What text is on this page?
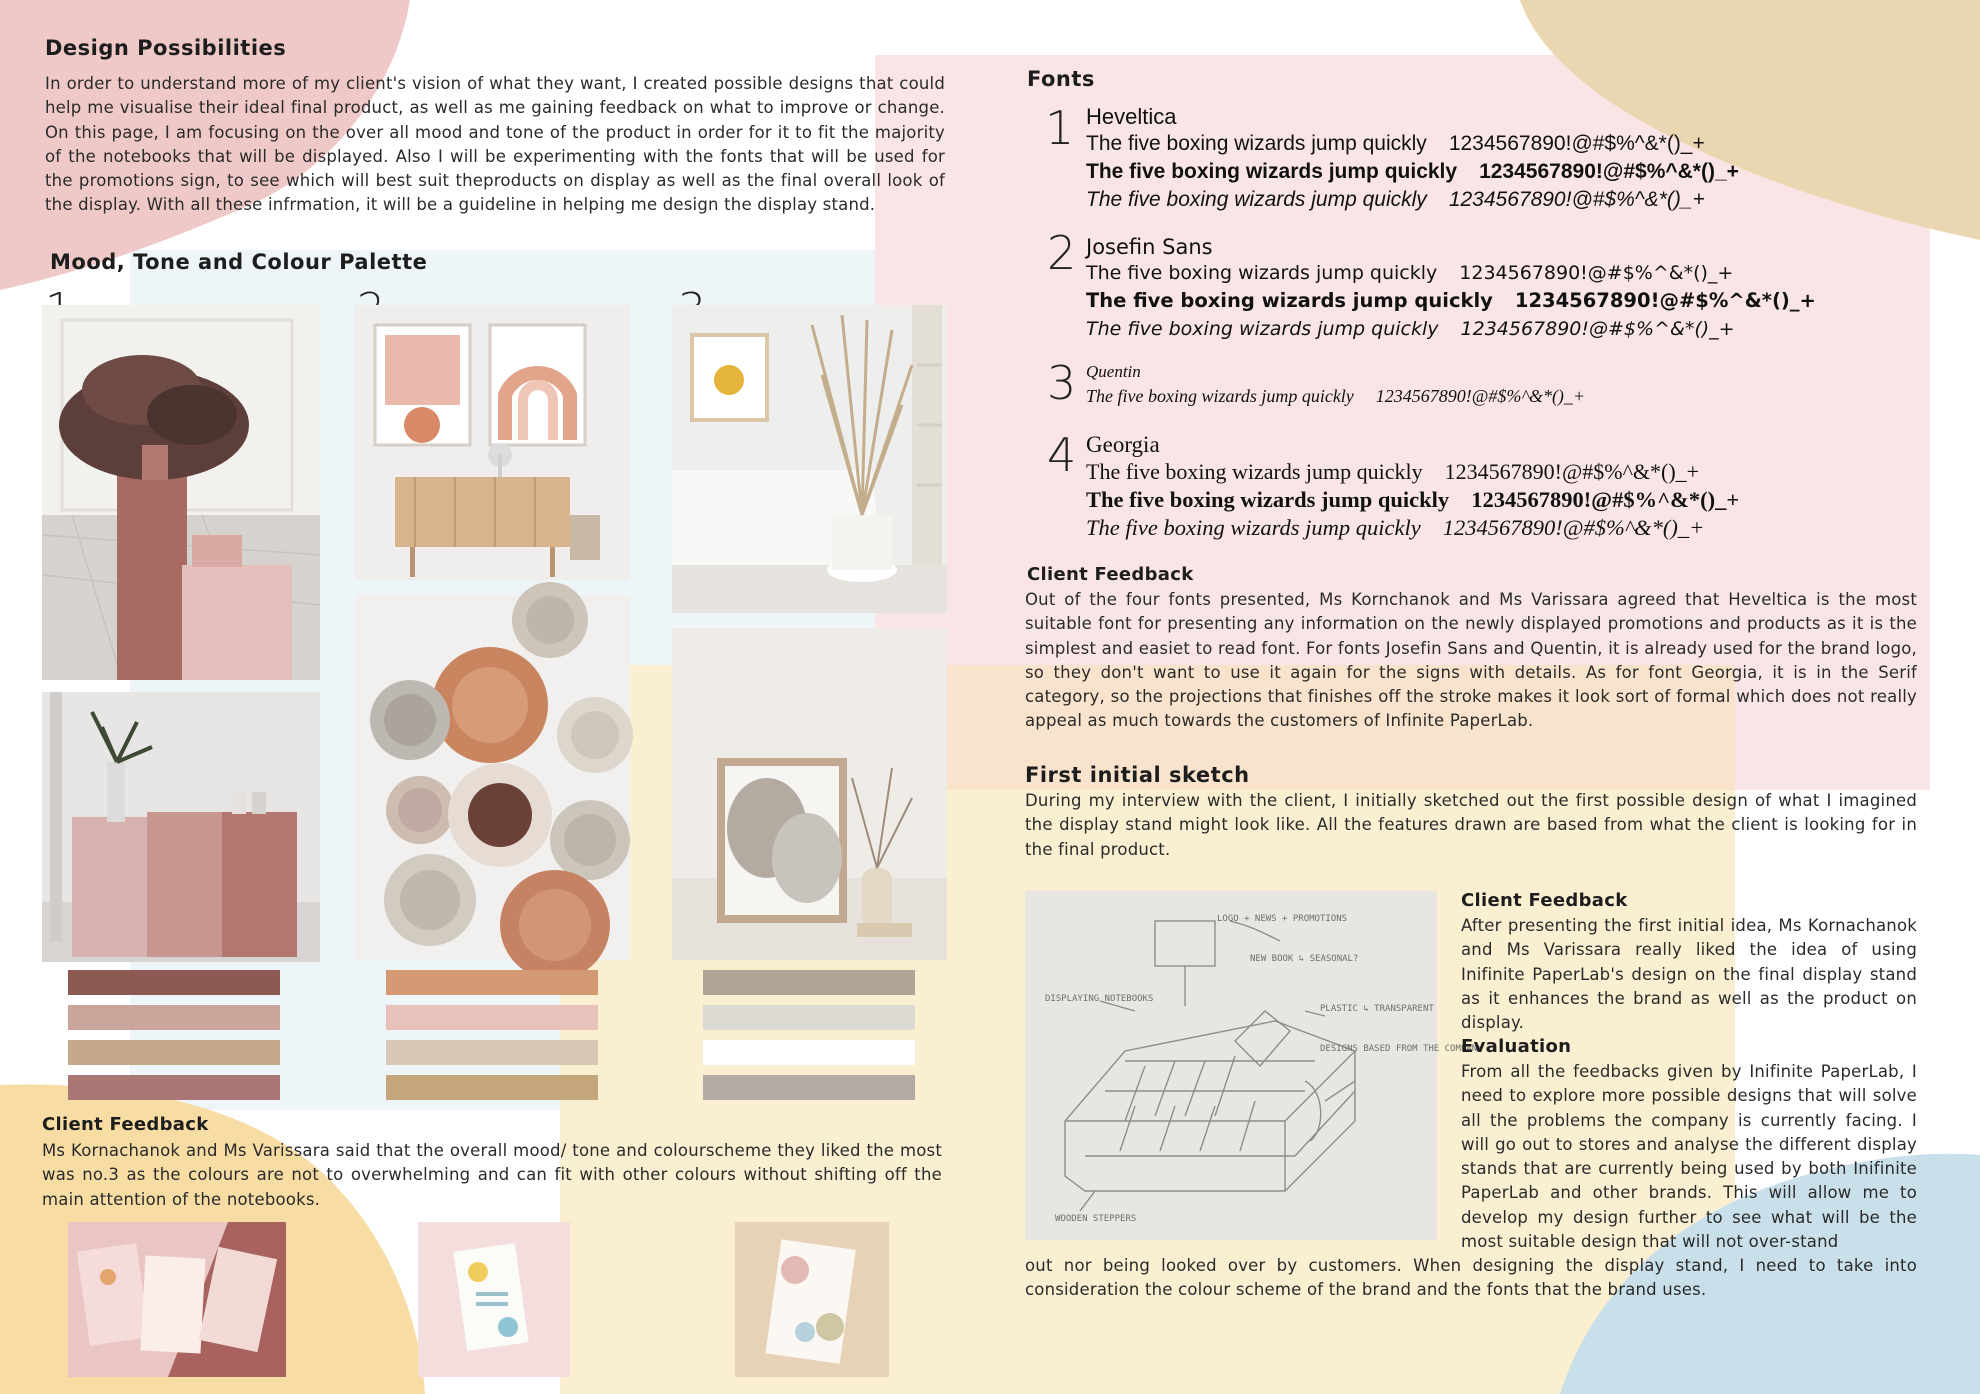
Design Possibilities

In order to understand more of my client's vision of what they want, I created possible designs that could help me visualise their ideal final product, as well as me gaining feedback on what to improve or change. On this page, I am focusing on the over all mood and tone of the product in order for it to fit the majority of the notebooks that will be displayed. Also I will be experimenting with the fonts that will be used for the promotions sign, to see which will best suit theproducts on display as well as the final overall look of the display. With all these infrmation, it will be a guideline in helping me design the display stand.

Mood, Tone and Colour Palette
Client Feedback

Ms Kornachanok and Ms Varissara said that the overall mood/ tone and colourscheme they liked the most was no.3 as the colours are not to overwhelming and can fit with other colours without shifting off the main attention of the notebooks.

Fonts
1 Heveltica
The five boxing wizards jump quickly 1234567890!@#$%^&*()_+
The five boxing wizards jump quickly 1234567890!@#$%^&*()_+
The five boxing wizards jump quickly 1234567890!@#$%^&*()_+
2 Josefin Sans
The five boxing wizards jump quickly 1234567890!@#$%^&*()_+
The five boxing wizards jump quickly 1234567890!@#$%^&*()_+
The five boxing wizards jump quickly 1234567890!@#$%^&*()_+
3 Quentin
The five boxing wizards jump quickly 1234567890!@#$%^&*()_+
4 Georgia
The five boxing wizards jump quickly 1234567890!@#$%^&*()_+
The five boxing wizards jump quickly 1234567890!@#$%^&*()_+
The five boxing wizards jump quickly 1234567890!@#$%^&*()_+
Client Feedback

Out of the four fonts presented, Ms Kornchanok and Ms Varissara agreed that Heveltica is the most suitable font for presenting any information on the newly displayed promotions and products as it is the simplest and easiet to read font. For fonts Josefin Sans and Quentin, it is already used for the brand logo, so they don't want to use it again for the signs with details. As for font Georgia, it is in the Serif category, so the projections that finishes off the stroke makes it look sort of formal which does not really appeal as much towards the customers of Infinite PaperLab.

First initial sketch

During my interview with the client, I initially sketched out the first possible design of what I imagined the display stand might look like. All the features drawn are based from what the client is looking for in the final product.

LOGO + NEWS + PROMOTIONS
NEW BOOK ↳ SEASONAL?
DISPLAYING NOTEBOOKS
PLASTIC ↳ TRANSPARENT
DESIGNS BASED FROM THE COMPANY
WOODEN STEPPERS
Client Feedback

After presenting the first initial idea, Ms Kornachanok and Ms Varissara really liked the idea of using Inifinite PaperLab's design on the final display stand as it enhances the brand as well as the product on display.

Evaluation

From all the feedbacks given by Inifinite PaperLab, I need to explore more possible designs that will solve all the problems the company is currently facing. I will go out to stores and analyse the different display stands that are currently being used by both Inifinite PaperLab and other brands. This will allow me to develop my design further to see what will be the most suitable design that will not over-stand

out nor being looked over by customers. When designing the display stand, I need to take into consideration the colour scheme of the brand and the fonts that the brand uses.
